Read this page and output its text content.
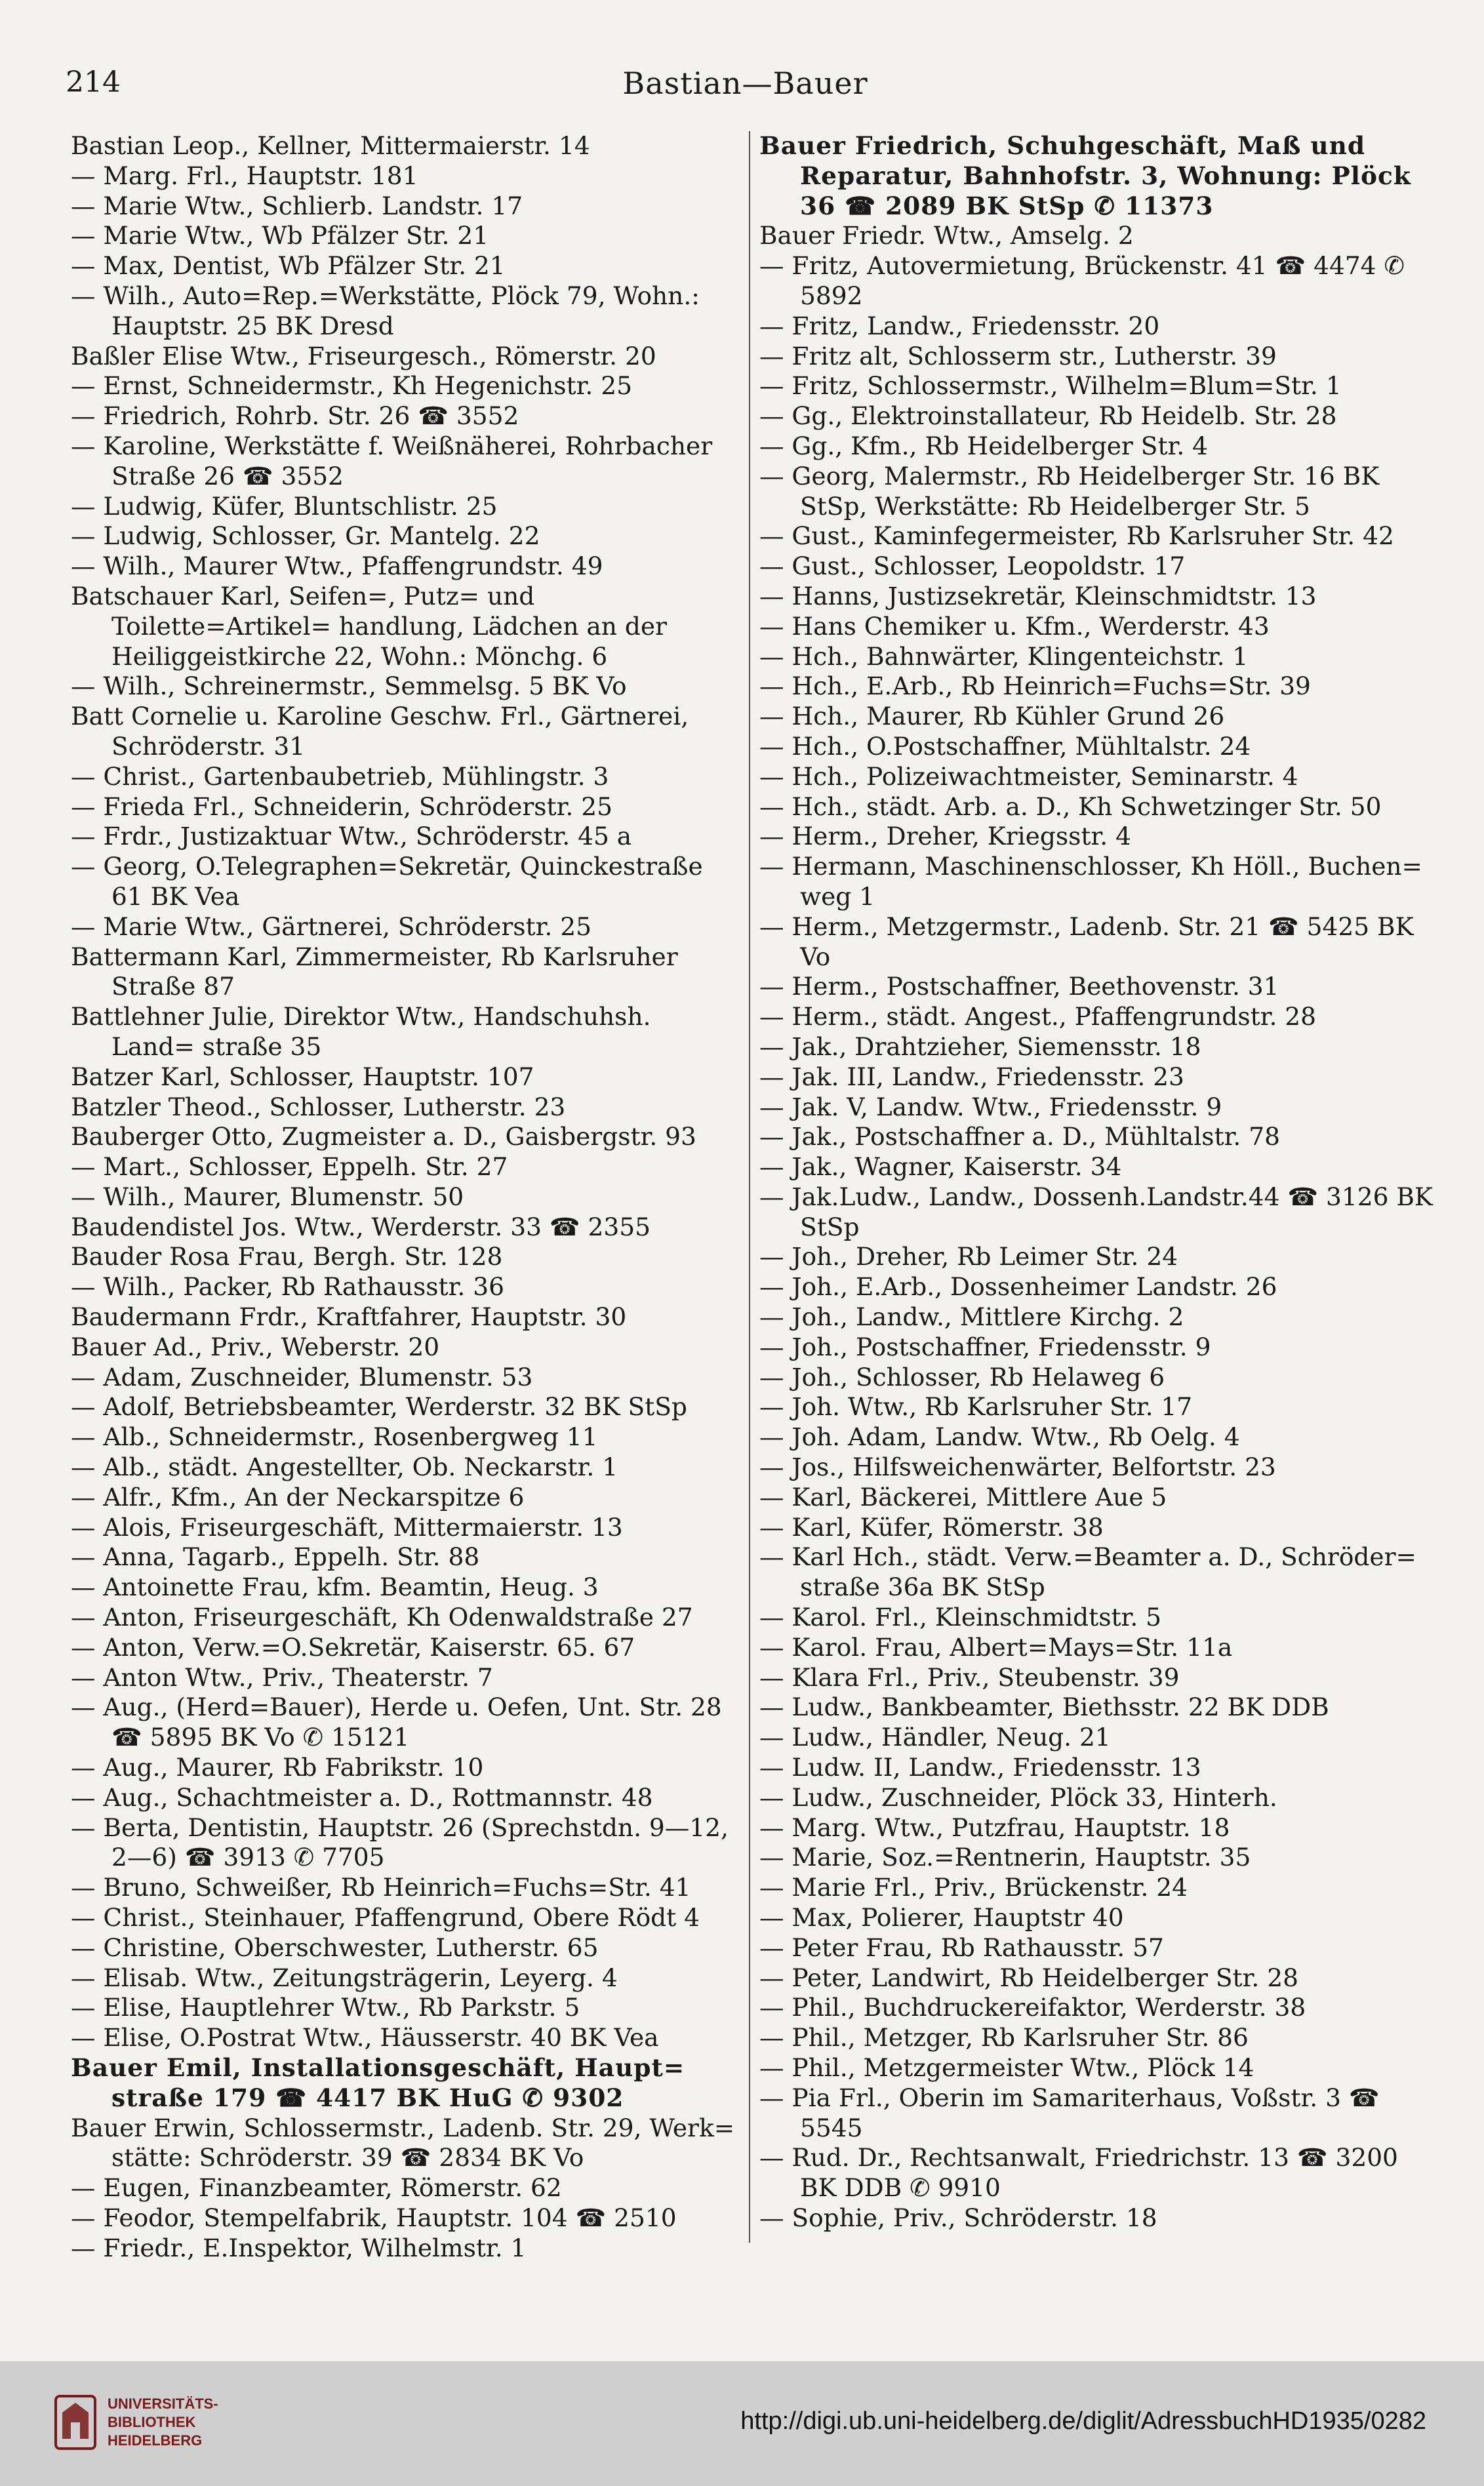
214	Bastian—Bauer

Bastian Leop., Kellner, Mittermaierstr. 14

— Marg. Frl., Hauptstr. 181

— Marie Wtw., Schlierb. Landstr. 17

— Marie Wtw., Wb Pfälzer Str. 21

— Max, Dentist, Wb Pfälzer Str. 21

— Wilh., Auto=Rep.=Werkstätte, Plöck 79, Wohn.: Hauptstr. 25 BK Dresd

Baßler Elise Wtw., Friseurgesch., Römerstr. 20

— Ernst, Schneidermstr., Kh Hegenichstr. 25

— Friedrich, Rohrb. Str. 26 ☎ 3552

— Karoline, Werkstätte f. Weißnäherei, Rohrbacher Straße 26 ☎ 3552

— Ludwig, Küfer, Bluntschlistr. 25

— Ludwig, Schlosser, Gr. Mantelg. 22

— Wilh., Maurer Wtw., Pfaffengrundstr. 49

Batschauer Karl, Seifen=, Putz= und Toilette=Artikel= handlung, Lädchen an der Heiliggeistkirche 22, Wohn.: Mönchg. 6

— Wilh., Schreinermstr., Semmelsg. 5 BK Vo

Batt Cornelie u. Karoline Geschw. Frl., Gärtnerei, Schröderstr. 31

— Christ., Gartenbaubetrieb, Mühlingstr. 3

— Frieda Frl., Schneiderin, Schröderstr. 25

— Frdr., Justizaktuar Wtw., Schröderstr. 45 a

— Georg, O.Telegraphen=Sekretär, Quinckestraße 61 BK Vea

— Marie Wtw., Gärtnerei, Schröderstr. 25

Battermann Karl, Zimmermeister, Rb Karlsruher Straße 87

Battlehner Julie, Direktor Wtw., Handschuhsh. Land= straße 35

Batzer Karl, Schlosser, Hauptstr. 107

Batzler Theod., Schlosser, Lutherstr. 23

Bauberger Otto, Zugmeister a. D., Gaisbergstr. 93

— Mart., Schlosser, Eppelh. Str. 27

— Wilh., Maurer, Blumenstr. 50

Baudendistel Jos. Wtw., Werderstr. 33 ☎ 2355

Bauder Rosa Frau, Bergh. Str. 128

— Wilh., Packer, Rb Rathausstr. 36

Baudermann Frdr., Kraftfahrer, Hauptstr. 30

Bauer Ad., Priv., Weberstr. 20

— Adam, Zuschneider, Blumenstr. 53

— Adolf, Betriebsbeamter, Werderstr. 32 BK StSp

— Alb., Schneidermstr., Rosenbergweg 11

— Alb., städt. Angestellter, Ob. Neckarstr. 1

— Alfr., Kfm., An der Neckarspitze 6

— Alois, Friseurgeschäft, Mittermaierstr. 13

— Anna, Tagarb., Eppelh. Str. 88

— Antoinette Frau, kfm. Beamtin, Heug. 3

— Anton, Friseurgeschäft, Kh Odenwaldstraße 27

— Anton, Verw.=O.Sekretär, Kaiserstr. 65. 67

— Anton Wtw., Priv., Theaterstr. 7

— Aug., (Herd=Bauer), Herde u. Oefen, Unt. Str. 28 ☎ 5895 BK Vo ✆ 15121

— Aug., Maurer, Rb Fabrikstr. 10

— Aug., Schachtmeister a. D., Rottmannstr. 48

— Berta, Dentistin, Hauptstr. 26 (Sprechstdn. 9—12, 2—6) ☎ 3913 ✆ 7705

— Bruno, Schweißer, Rb Heinrich=Fuchs=Str. 41

— Christ., Steinhauer, Pfaffengrund, Obere Rödt 4

— Christine, Oberschwester, Lutherstr. 65

— Elisab. Wtw., Zeitungsträgerin, Leyerg. 4

— Elise, Hauptlehrer Wtw., Rb Parkstr. 5

— Elise, O.Postrat Wtw., Häusserstr. 40 BK Vea

Bauer Emil, Installationsgeschäft, Haupt= straße 179 ☎ 4417 BK HuG ✆ 9302

Bauer Erwin, Schlossermstr., Ladenb. Str. 29, Werk= stätte: Schröderstr. 39 ☎ 2834 BK Vo

— Eugen, Finanzbeamter, Römerstr. 62

— Feodor, Stempelfabrik, Hauptstr. 104 ☎ 2510

— Friedr., E.Inspektor, Wilhelmstr. 1

Bauer Friedrich, Schuhgeschäft, Maß und Reparatur, Bahnhofstr. 3, Wohnung: Plöck 36 ☎ 2089 BK StSp ✆ 11373

Bauer Friedr. Wtw., Amselg. 2

— Fritz, Autovermietung, Brückenstr. 41 ☎ 4474 ✆ 5892

— Fritz, Landw., Friedensstr. 20

— Fritz alt, Schlosserm str., Lutherstr. 39

— Fritz, Schlossermstr., Wilhelm=Blum=Str. 1

— Gg., Elektroinstallateur, Rb Heidelb. Str. 28

— Gg., Kfm., Rb Heidelberger Str. 4

— Georg, Malermstr., Rb Heidelberger Str. 16 BK StSp, Werkstätte: Rb Heidelberger Str. 5

— Gust., Kaminfegermeister, Rb Karlsruher Str. 42

— Gust., Schlosser, Leopoldstr. 17

— Hanns, Justizsekretär, Kleinschmidtstr. 13

— Hans Chemiker u. Kfm., Werderstr. 43

— Hch., Bahnwärter, Klingenteichstr. 1

— Hch., E.Arb., Rb Heinrich=Fuchs=Str. 39

— Hch., Maurer, Rb Kühler Grund 26

— Hch., O.Postschaffner, Mühltalstr. 24

— Hch., Polizeiwachtmeister, Seminarstr. 4

— Hch., städt. Arb. a. D., Kh Schwetzinger Str. 50

— Herm., Dreher, Kriegsstr. 4

— Hermann, Maschinenschlosser, Kh Höll., Buchen= weg 1

— Herm., Metzgermstr., Ladenb. Str. 21 ☎ 5425 BK Vo

— Herm., Postschaffner, Beethovenstr. 31

— Herm., städt. Angest., Pfaffengrundstr. 28

— Jak., Drahtzieher, Siemensstr. 18

— Jak. III, Landw., Friedensstr. 23

— Jak. V, Landw. Wtw., Friedensstr. 9

— Jak., Postschaffner a. D., Mühltalstr. 78

— Jak., Wagner, Kaiserstr. 34

— Jak.Ludw., Landw., Dossenh.Landstr.44 ☎ 3126 BK StSp

— Joh., Dreher, Rb Leimer Str. 24

— Joh., E.Arb., Dossenheimer Landstr. 26

— Joh., Landw., Mittlere Kirchg. 2

— Joh., Postschaffner, Friedensstr. 9

— Joh., Schlosser, Rb Helaweg 6

— Joh. Wtw., Rb Karlsruher Str. 17

— Joh. Adam, Landw. Wtw., Rb Oelg. 4

— Jos., Hilfsweichenwärter, Belfortstr. 23

— Karl, Bäckerei, Mittlere Aue 5

— Karl, Küfer, Römerstr. 38

— Karl Hch., städt. Verw.=Beamter a. D., Schröder= straße 36a BK StSp

— Karol. Frl., Kleinschmidtstr. 5

— Karol. Frau, Albert=Mays=Str. 11a

— Klara Frl., Priv., Steubenstr. 39

— Ludw., Bankbeamter, Biethsstr. 22 BK DDB

— Ludw., Händler, Neug. 21

— Ludw. II, Landw., Friedensstr. 13

— Ludw., Zuschneider, Plöck 33, Hinterh.

— Marg. Wtw., Putzfrau, Hauptstr. 18

— Marie, Soz.=Rentnerin, Hauptstr. 35

— Marie Frl., Priv., Brückenstr. 24

— Max, Polierer, Hauptstr 40

— Peter Frau, Rb Rathausstr. 57

— Peter, Landwirt, Rb Heidelberger Str. 28

— Phil., Buchdruckereifaktor, Werderstr. 38

— Phil., Metzger, Rb Karlsruher Str. 86

— Phil., Metzgermeister Wtw., Plöck 14

— Pia Frl., Oberin im Samariterhaus, Voßstr. 3 ☎ 5545

— Rud. Dr., Rechtsanwalt, Friedrichstr. 13 ☎ 3200 BK DDB ✆ 9910

— Sophie, Priv., Schröderstr. 18

UNIVERSITÄTS-
BIBLIOTHEK
HEIDELBERG
http://digi.ub.uni-heidelberg.de/diglit/AdressbuchHD1935/0282
